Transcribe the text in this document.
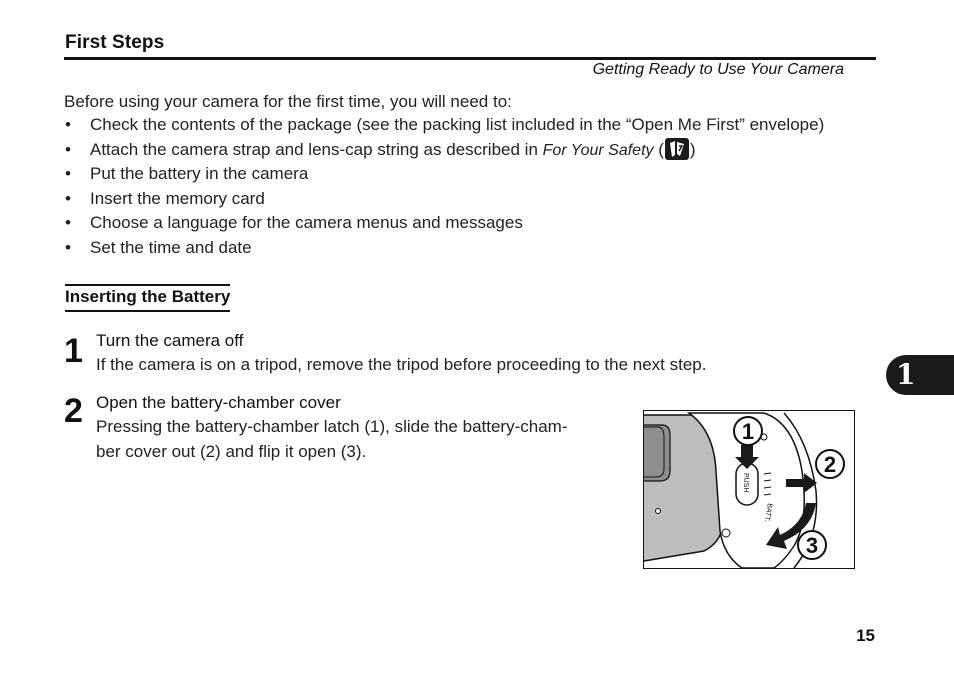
First Steps
Getting Ready to Use Your Camera
Before using your camera for the first time, you will need to:
• Check the contents of the package (see the packing list included in the “Open Me First” envelope)
• Attach the camera strap and lens-cap string as described in For Your Safety ( )
• Put the battery in the camera
• Insert the memory card
• Choose a language for the camera menus and messages
• Set the time and date
Inserting the Battery
1 Turn the camera off
If the camera is on a tripod, remove the tripod before proceeding to the next step.
2 Open the battery-chamber cover
Pressing the battery-chamber latch (1), slide the battery-cham-
ber cover out (2) and flip it open (3).
1
2
3
PUSH
BATT.
1
15
